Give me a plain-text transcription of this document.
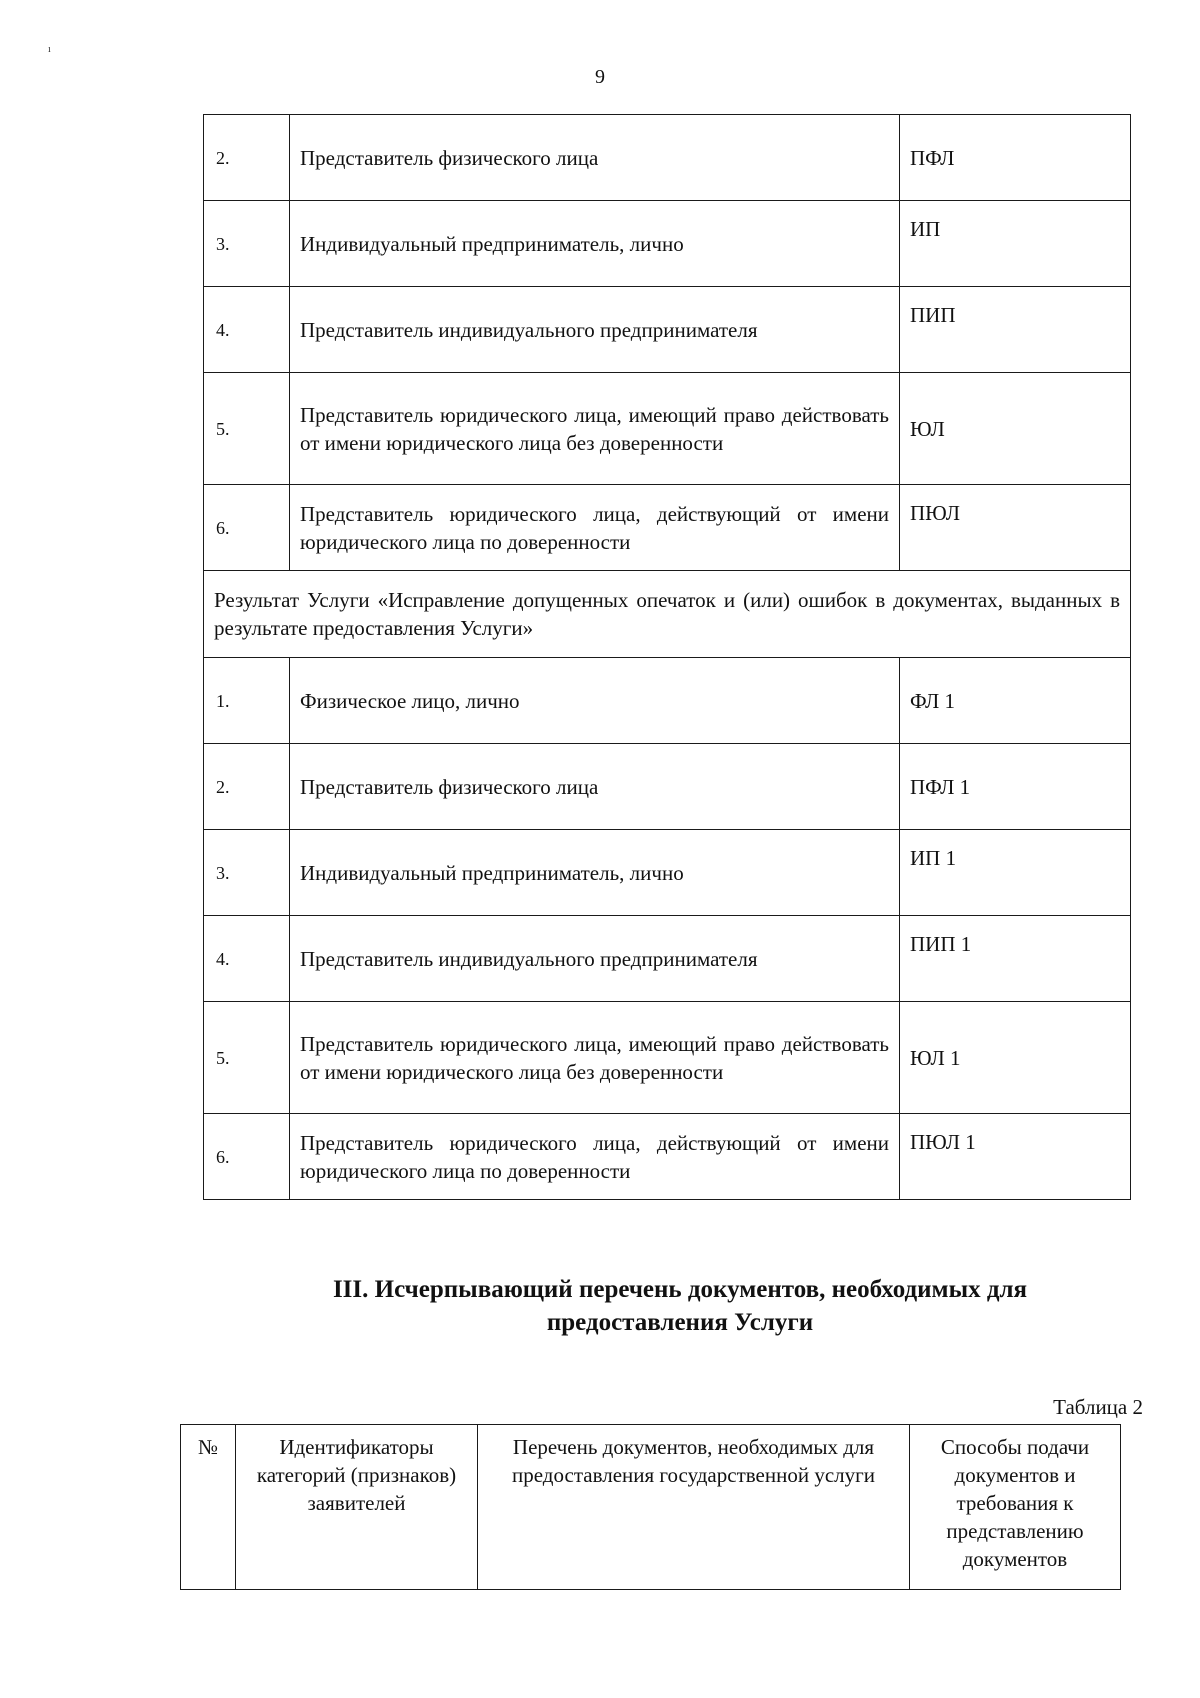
ı
9
2.	Представитель физического лица	ПФЛ
3.	Индивидуальный предприниматель, лично	ИП
4.	Представитель индивидуального предпринимателя	ПИП
5.	Представитель юридического лица, имеющий право действовать от имени юридического лица без доверенности	ЮЛ
6.	Представитель юридического лица, действующий от имени юридического лица по доверенности	ПЮЛ
Результат Услуги «Исправление допущенных опечаток и (или) ошибок в документах, выданных в результате предоставления Услуги»		
1.	Физическое лицо, лично	ФЛ 1
2.	Представитель физического лица	ПФЛ 1
3.	Индивидуальный предприниматель, лично	ИП 1
4.	Представитель индивидуального предпринимателя	ПИП 1
5.	Представитель юридического лица, имеющий право действовать от имени юридического лица без доверенности	ЮЛ 1
6.	Представитель юридического лица, действующий от имени юридического лица по доверенности	ПЮЛ 1
III. Исчерпывающий перечень документов, необходимых для
предоставления Услуги
Таблица 2
№	Идентификаторы категорий (признаков) заявителей	Перечень документов, необходимых для предоставления государственной услуги	Способы подачи документов и требования к представлению документов
